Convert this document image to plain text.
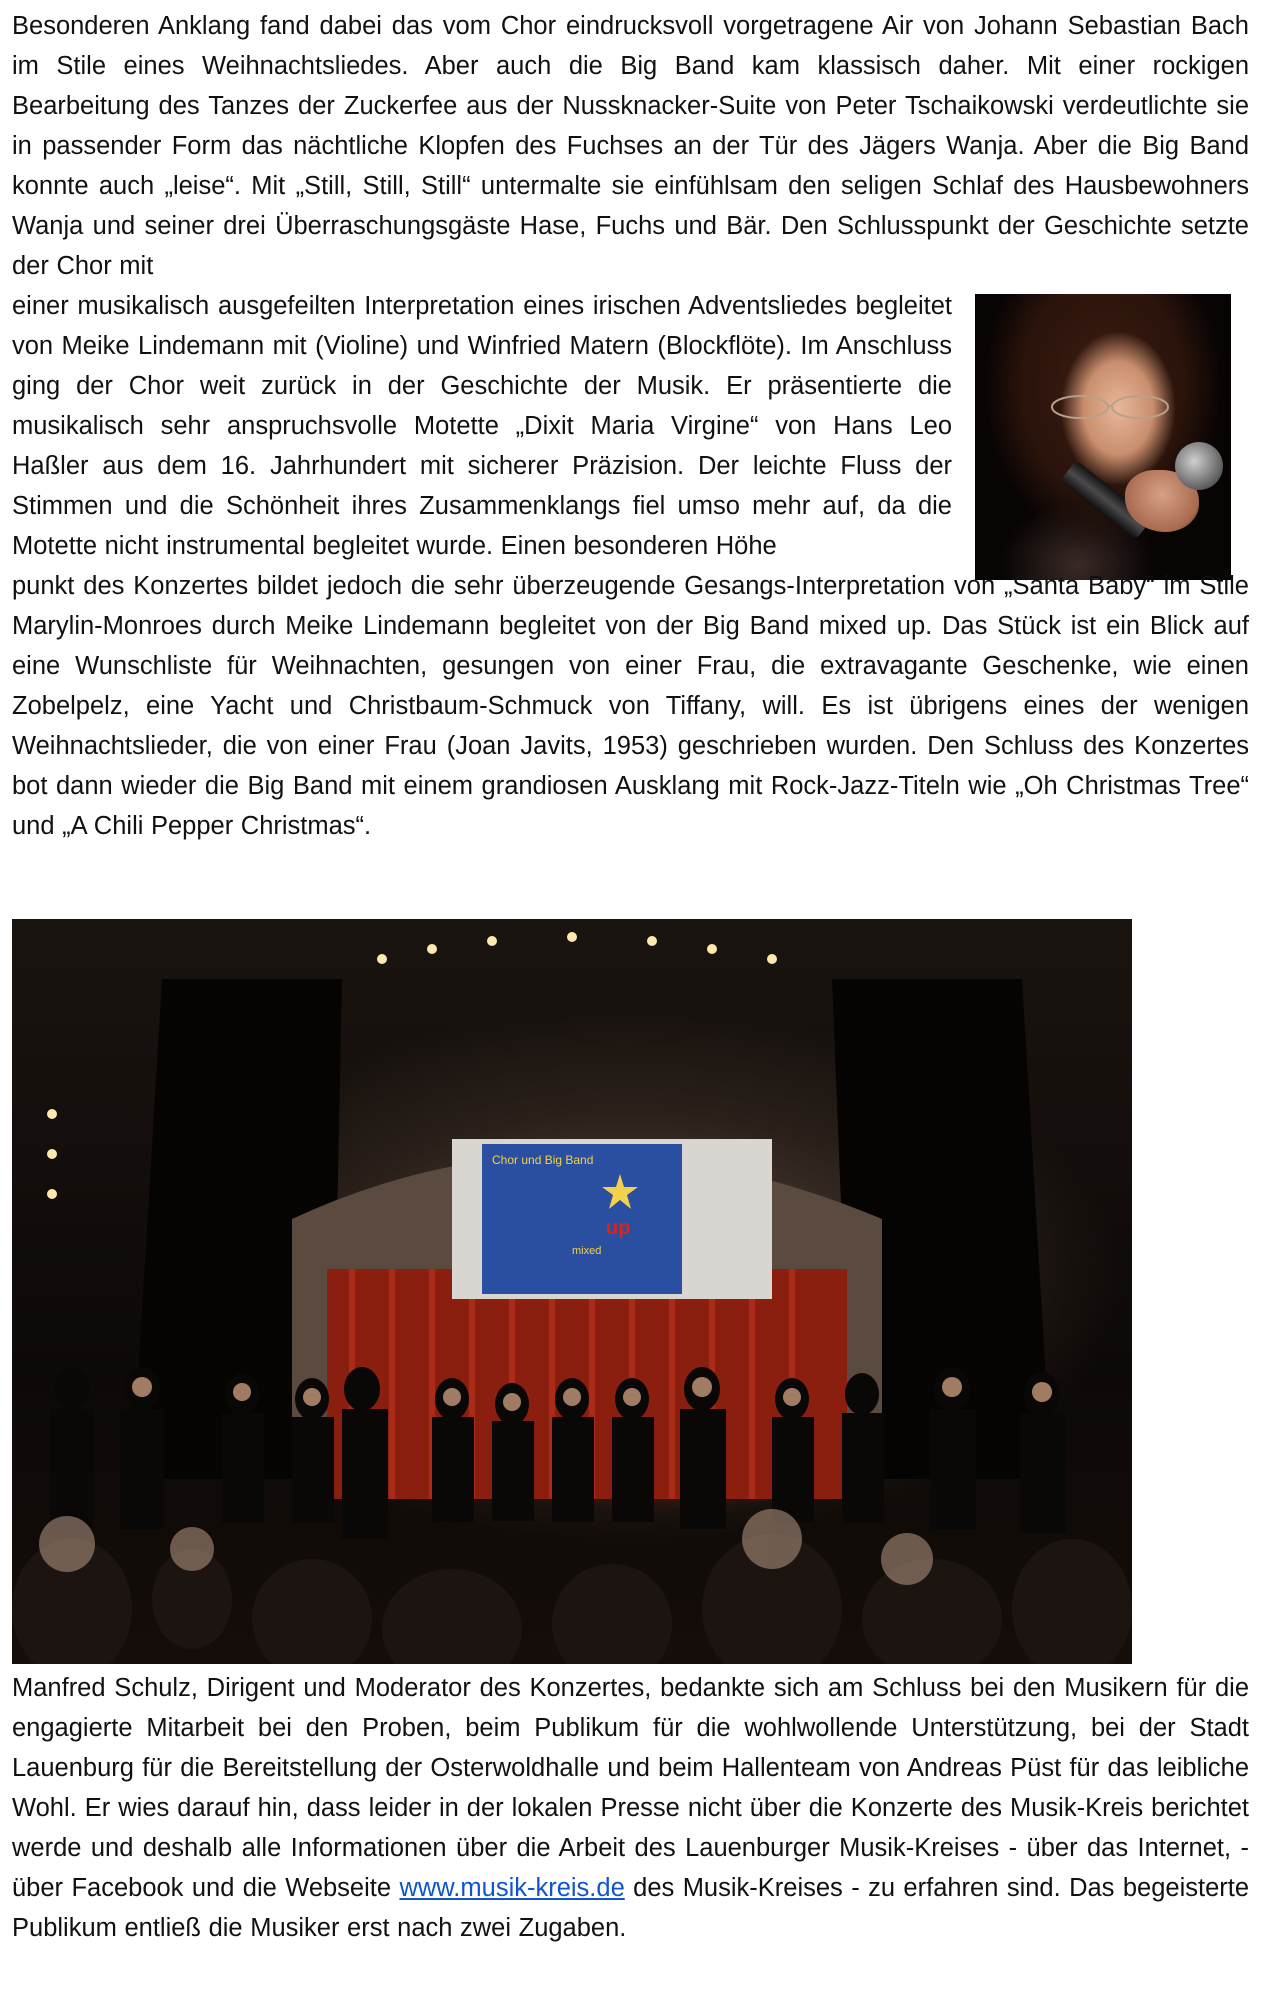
Besonderen Anklang fand dabei das vom Chor eindrucksvoll vorgetragene Air von Johann Sebastian Bach im Stile eines Weihnachtsliedes. Aber auch die Big Band kam klassisch daher. Mit einer rockigen Bearbeitung des Tanzes der Zuckerfee aus der Nussknacker-Suite von Peter Tschaikowski verdeutlichte sie in passender Form das nächtliche Klopfen des Fuchses an der Tür des Jägers Wanja. Aber die Big Band konnte auch „leise“. Mit „Still, Still, Still“ untermalte sie einfühlsam den seligen Schlaf des Hausbewohners Wanja und seiner drei Überraschungsgäste Hase, Fuchs und Bär. Den Schlusspunkt der Geschichte setzte der Chor mit

einer musikalisch ausgefeilten Interpretation eines irischen Adventsliedes begleitet von Meike Lindemann mit (Violine) und Winfried Matern (Blockflöte). Im Anschluss ging der Chor weit zurück in der Geschichte der Musik. Er präsentierte die musikalisch sehr anspruchsvolle Motette „Dixit Maria Virgine“ von Hans Leo Haßler aus dem 16. Jahrhundert mit sicherer Präzision. Der leichte Fluss der Stimmen und die Schönheit ihres Zusammenklangs fiel umso mehr auf, da die Motette nicht instrumental begleitet wurde. Einen besonderen Höhe

punkt des Konzertes bildet jedoch die sehr überzeugende Gesangs-Interpretation von „Santa Baby“ im Stile Marylin-Monroes durch Meike Lindemann begleitet von der Big Band mixed up. Das Stück ist ein Blick auf eine Wunschliste für Weihnachten, gesungen von einer Frau, die extravagante Geschenke, wie einen Zobelpelz, eine Yacht und Christbaum-Schmuck von Tiffany, will. Es ist übrigens eines der wenigen Weihnachtslieder, die von einer Frau (Joan Javits, 1953) geschrieben wurden. Den Schluss des Konzertes bot dann wieder die Big Band mit einem grandiosen Ausklang mit Rock-Jazz-Titeln wie „Oh Christmas Tree“ und „A Chili Pepper Christmas“.

Chor und Big Band
up
mixed

Manfred Schulz, Dirigent und Moderator des Konzertes, bedankte sich am Schluss bei den Musikern für die engagierte Mitarbeit bei den Proben, beim Publikum für die wohlwollende Unterstützung, bei der Stadt Lauenburg für die Bereitstellung der Osterwoldhalle und beim Hallenteam von Andreas Püst für das leibliche Wohl. Er wies darauf hin, dass leider in der lokalen Presse nicht über die Konzerte des Musik-Kreis berichtet werde und deshalb alle Informationen über die Arbeit des Lauenburger Musik-Kreises - über das Internet, - über Facebook und die Webseite www.musik-kreis.de des Musik-Kreises - zu erfahren sind. Das begeisterte Publikum entließ die Musiker erst nach zwei Zugaben.
